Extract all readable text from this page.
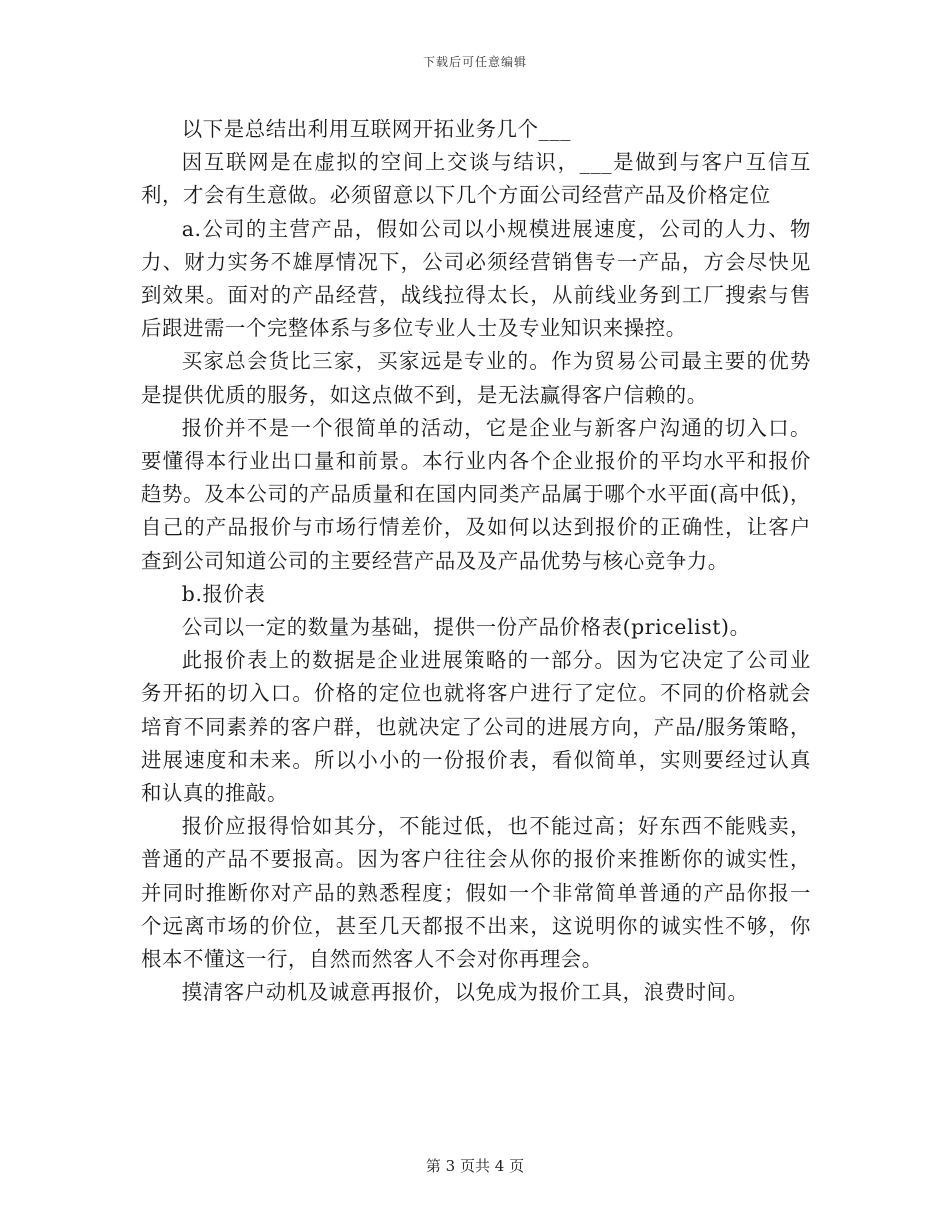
下载后可任意编辑

以下是总结出利用互联网开拓业务几个___

因互联网是在虚拟的空间上交谈与结识，___是做到与客户互信互利，才会有生意做。必须留意以下几个方面公司经营产品及价格定位

a.公司的主营产品，假如公司以小规模进展速度，公司的人力、物力、财力实务不雄厚情况下，公司必须经营销售专一产品，方会尽快见到效果。面对的产品经营，战线拉得太长，从前线业务到工厂搜索与售后跟进需一个完整体系与多位专业人士及专业知识来操控。

买家总会货比三家，买家远是专业的。作为贸易公司最主要的优势是提供优质的服务，如这点做不到，是无法赢得客户信赖的。

报价并不是一个很简单的活动，它是企业与新客户沟通的切入口。要懂得本行业出口量和前景。本行业内各个企业报价的平均水平和报价趋势。及本公司的产品质量和在国内同类产品属于哪个水平面(高中低)，自己的产品报价与市场行情差价，及如何以达到报价的正确性，让客户查到公司知道公司的主要经营产品及及产品优势与核心竞争力。

b.报价表

公司以一定的数量为基础，提供一份产品价格表(pricelist)。

此报价表上的数据是企业进展策略的一部分。因为它决定了公司业务开拓的切入口。价格的定位也就将客户进行了定位。不同的价格就会培育不同素养的客户群，也就决定了公司的进展方向，产品/服务策略，进展速度和未来。所以小小的一份报价表，看似简单，实则要经过认真和认真的推敲。

报价应报得恰如其分，不能过低，也不能过高；好东西不能贱卖，普通的产品不要报高。因为客户往往会从你的报价来推断你的诚实性，并同时推断你对产品的熟悉程度；假如一个非常简单普通的产品你报一个远离市场的价位，甚至几天都报不出来，这说明你的诚实性不够，你根本不懂这一行，自然而然客人不会对你再理会。

摸清客户动机及诚意再报价，以免成为报价工具，浪费时间。

第 3 页共 4 页
